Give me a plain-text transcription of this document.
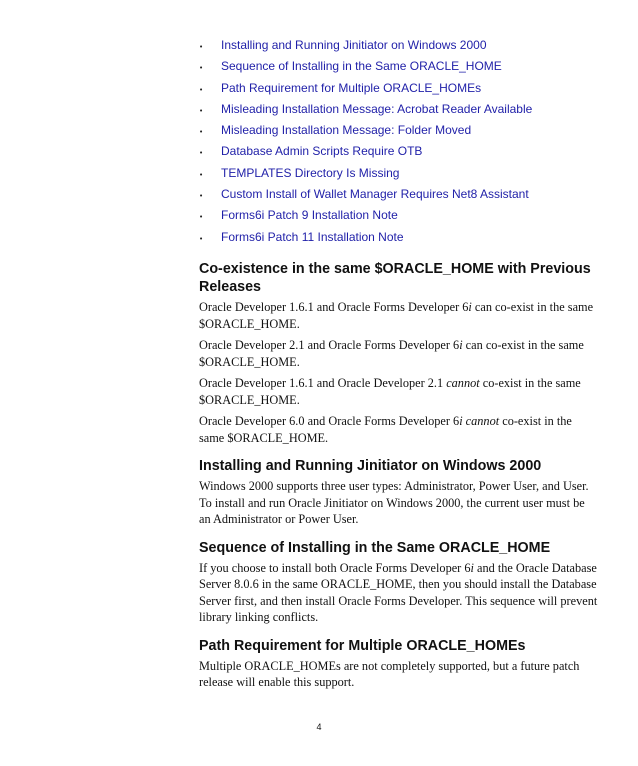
•	Installing and Running Jinitiator on Windows 2000
•	Sequence of Installing in the Same ORACLE_HOME
•	Path Requirement for Multiple ORACLE_HOMEs
•	Misleading Installation Message: Acrobat Reader Available
•	Misleading Installation Message: Folder Moved
•	Database Admin Scripts Require OTB
•	TEMPLATES Directory Is Missing
•	Custom Install of Wallet Manager Requires Net8 Assistant
•	Forms6i Patch 9 Installation Note
•	Forms6i Patch 11 Installation Note
Co-existence in the same $ORACLE_HOME with Previous Releases

Oracle Developer 1.6.1 and Oracle Forms Developer 6i can co-exist in the same $ORACLE_HOME.

Oracle Developer 2.1 and Oracle Forms Developer 6i can co-exist in the same $ORACLE_HOME.

Oracle Developer 1.6.1 and Oracle Developer 2.1 cannot co-exist in the same $ORACLE_HOME.

Oracle Developer 6.0 and Oracle Forms Developer 6i cannot co-exist in the same $ORACLE_HOME.

Installing and Running Jinitiator on Windows 2000

Windows 2000 supports three user types: Administrator, Power User, and User. To install and run Oracle Jinitiator on Windows 2000, the current user must be an Administrator or Power User.

Sequence of Installing in the Same ORACLE_HOME

If you choose to install both Oracle Forms Developer 6i and the Oracle Database Server 8.0.6 in the same ORACLE_HOME, then you should install the Database Server first, and then install Oracle Forms Developer. This sequence will prevent library linking conflicts.

Path Requirement for Multiple ORACLE_HOMEs

Multiple ORACLE_HOMEs are not completely supported, but a future patch release will enable this support.

4
